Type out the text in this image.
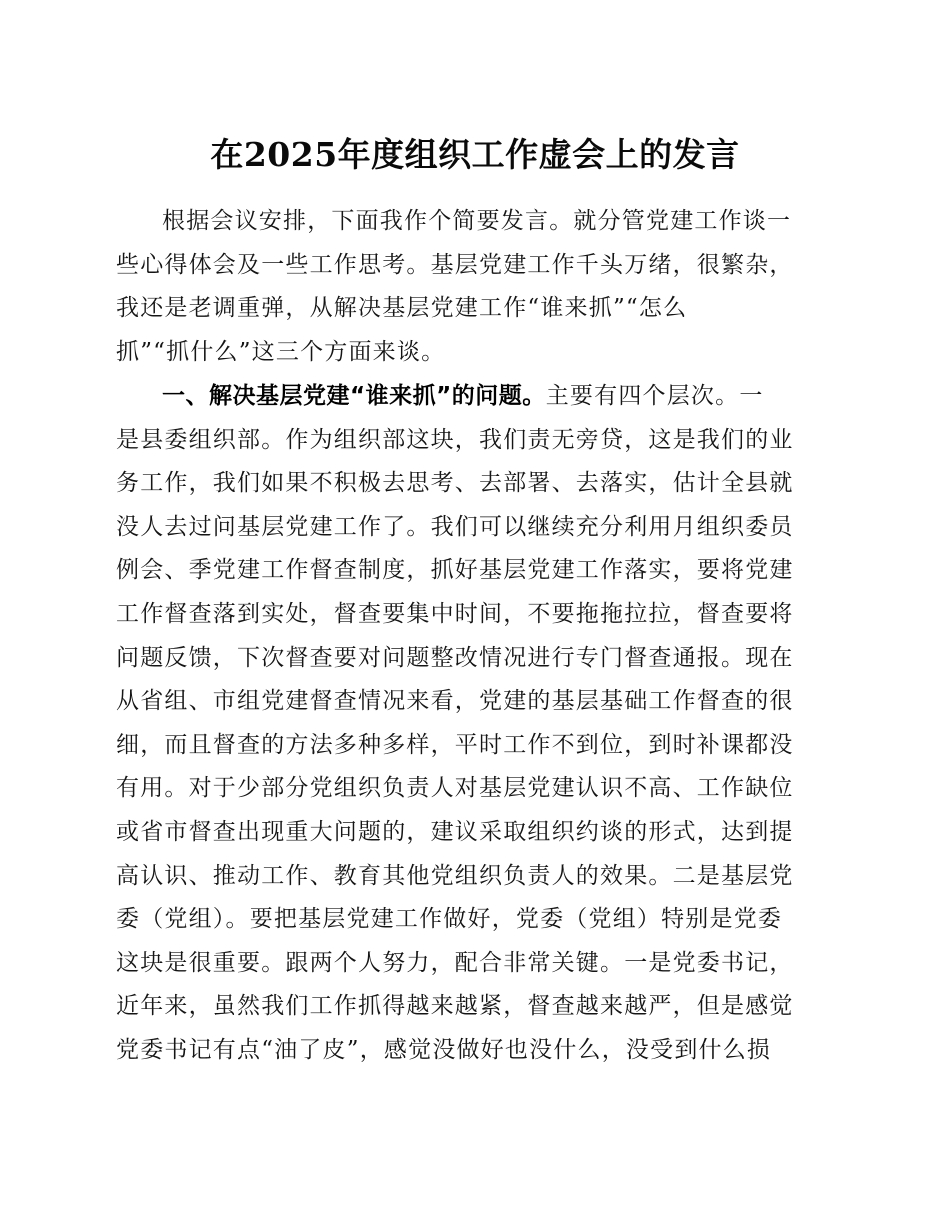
在2025年度组织工作虚会上的发言
根据会议安排，下面我作个简要发言。就分管党建工作谈一
些心得体会及一些工作思考。基层党建工作千头万绪，很繁杂，
我还是老调重弹，从解决基层党建工作“谁来抓”“怎么
抓”“抓什么”这三个方面来谈。
一、解决基层党建“谁来抓”的问题。主要有四个层次。一
是县委组织部。作为组织部这块，我们责无旁贷，这是我们的业
务工作，我们如果不积极去思考、去部署、去落实，估计全县就
没人去过问基层党建工作了。我们可以继续充分利用月组织委员
例会、季党建工作督查制度，抓好基层党建工作落实，要将党建
工作督查落到实处，督查要集中时间，不要拖拖拉拉，督查要将
问题反馈，下次督查要对问题整改情况进行专门督查通报。现在
从省组、市组党建督查情况来看，党建的基层基础工作督查的很
细，而且督查的方法多种多样，平时工作不到位，到时补课都没
有用。对于少部分党组织负责人对基层党建认识不高、工作缺位
或省市督查出现重大问题的，建议采取组织约谈的形式，达到提
高认识、推动工作、教育其他党组织负责人的效果。二是基层党
委（党组）。要把基层党建工作做好，党委（党组）特别是党委
这块是很重要。跟两个人努力，配合非常关键。一是党委书记，
近年来，虽然我们工作抓得越来越紧，督查越来越严，但是感觉
党委书记有点“油了皮”，感觉没做好也没什么，没受到什么损
